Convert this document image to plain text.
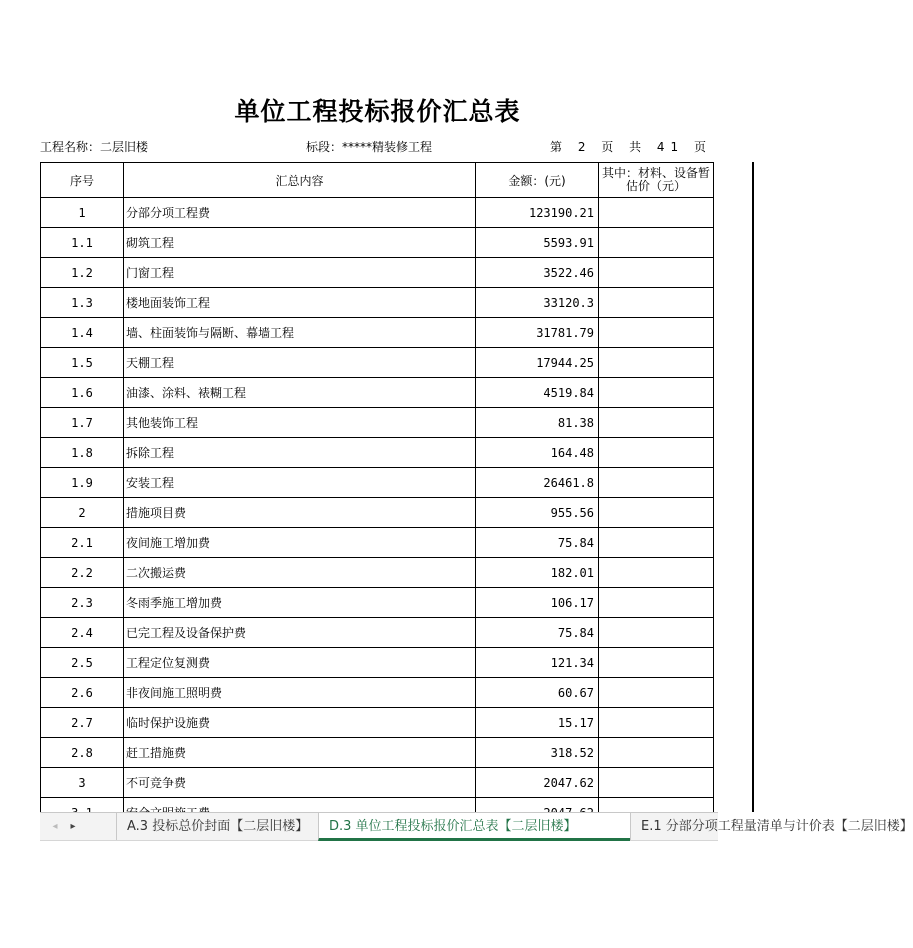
单位工程投标报价汇总表
工程名称：二层旧楼	标段：*****精装修工程	第 2 页 共 41 页
序号	汇总内容	金额：(元)	其中：材料、设备暂
估价（元）
1	分部分项工程费	123190.21	
1.1	砌筑工程	5593.91	
1.2	门窗工程	3522.46	
1.3	楼地面装饰工程	33120.3	
1.4	墙、柱面装饰与隔断、幕墙工程	31781.79	
1.5	天棚工程	17944.25	
1.6	油漆、涂料、裱糊工程	4519.84	
1.7	其他装饰工程	81.38	
1.8	拆除工程	164.48	
1.9	安装工程	26461.8	
2	措施项目费	955.56	
2.1	夜间施工增加费	75.84	
2.2	二次搬运费	182.01	
2.3	冬雨季施工增加费	106.17	
2.4	已完工程及设备保护费	75.84	
2.5	工程定位复测费	121.34	
2.6	非夜间施工照明费	60.67	
2.7	临时保护设施费	15.17	
2.8	赶工措施费	318.52	
3	不可竞争费	2047.62	

◂	▸	A.3 投标总价封面【二层旧楼】	D.3 单位工程投标报价汇总表【二层旧楼】	E.1 分部分项工程量清单与计价表【二层旧楼】
